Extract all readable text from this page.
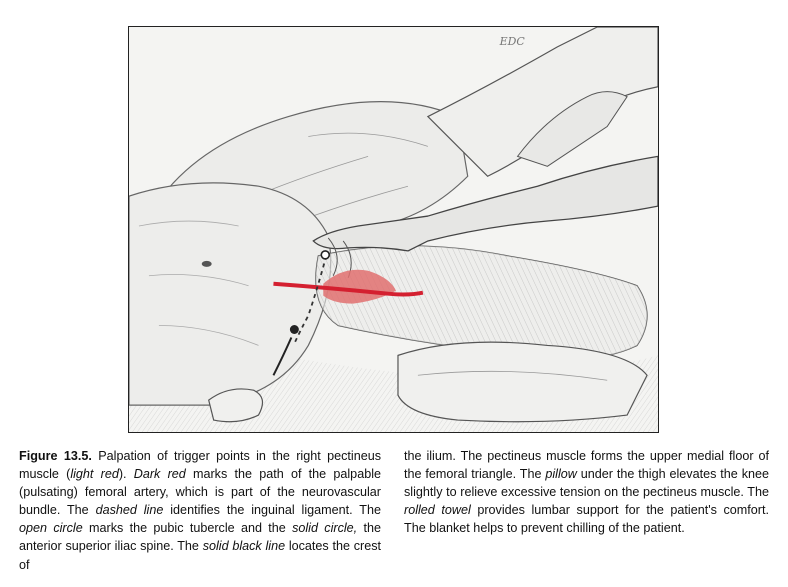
EDC
Figure 13.5. Palpation of trigger points in the right pectineus muscle (light red). Dark red marks the path of the palpable (pulsating) femoral artery, which is part of the neurovascular bundle. The dashed line identifies the inguinal ligament. The open circle marks the pubic tubercle and the solid circle, the anterior superior iliac spine. The solid black line locates the crest of
the ilium. The pectineus muscle forms the upper medial floor of the femoral triangle. The pillow under the thigh elevates the knee slightly to relieve excessive tension on the pectineus muscle. The rolled towel provides lumbar support for the patient's comfort. The blanket helps to prevent chilling of the patient.
